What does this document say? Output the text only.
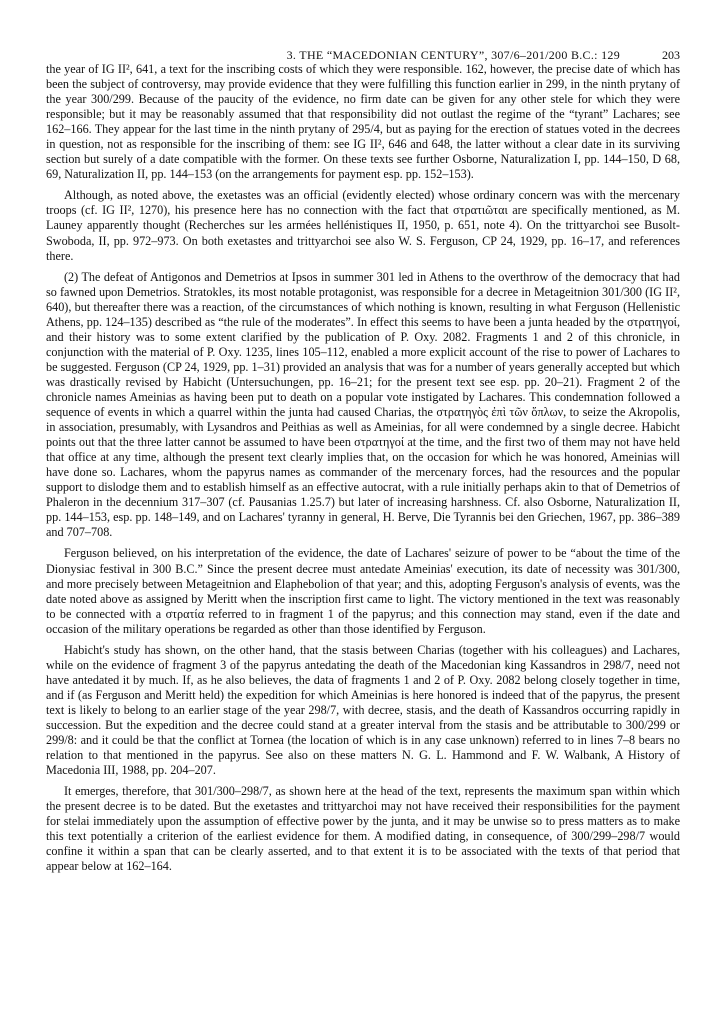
3. THE “MACEDONIAN CENTURY”, 307/6–201/200 B.C.: 129	203

the year of IG II², 641, a text for the inscribing costs of which they were responsible. 162, however, the precise date of which has been the subject of controversy, may provide evidence that they were fulfilling this function earlier in 299, in the ninth prytany of the year 300/299. Because of the paucity of the evidence, no firm date can be given for any other stele for which they were responsible; but it may be reasonably assumed that that responsibility did not outlast the regime of the “tyrant” Lachares; see 162–166. They appear for the last time in the ninth prytany of 295/4, but as paying for the erection of statues voted in the decrees in question, not as responsible for the inscribing of them: see IG II², 646 and 648, the latter without a clear date in its surviving section but surely of a date compatible with the former. On these texts see further Osborne, Naturalization I, pp. 144–150, D 68, 69, Naturalization II, pp. 144–153 (on the arrangements for payment esp. pp. 152–153).

Although, as noted above, the exetastes was an official (evidently elected) whose ordinary concern was with the mercenary troops (cf. IG II², 1270), his presence here has no connection with the fact that στρατιῶται are specifically mentioned, as M. Launey apparently thought (Recherches sur les armées hellénistiques II, 1950, p. 651, note 4). On the trittyarchoi see Busolt-Swoboda, II, pp. 972–973. On both exetastes and trittyarchoi see also W. S. Ferguson, CP 24, 1929, pp. 16–17, and references there.

(2) The defeat of Antigonos and Demetrios at Ipsos in summer 301 led in Athens to the overthrow of the democracy that had so fawned upon Demetrios. Stratokles, its most notable protagonist, was responsible for a decree in Metageitnion 301/300 (IG II², 640), but thereafter there was a reaction, of the circumstances of which nothing is known, resulting in what Ferguson (Hellenistic Athens, pp. 124–135) described as “the rule of the moderates”. In effect this seems to have been a junta headed by the στρατηγοί, and their history was to some extent clarified by the publication of P. Oxy. 2082. Fragments 1 and 2 of this chronicle, in conjunction with the material of P. Oxy. 1235, lines 105–112, enabled a more explicit account of the rise to power of Lachares to be suggested. Ferguson (CP 24, 1929, pp. 1–31) provided an analysis that was for a number of years generally accepted but which was drastically revised by Habicht (Untersuchungen, pp. 16–21; for the present text see esp. pp. 20–21). Fragment 2 of the chronicle names Ameinias as having been put to death on a popular vote instigated by Lachares. This condemnation followed a sequence of events in which a quarrel within the junta had caused Charias, the στρατηγὸς ἐπὶ τῶν ὅπλων, to seize the Akropolis, in association, presumably, with Lysandros and Peithias as well as Ameinias, for all were condemned by a single decree. Habicht points out that the three latter cannot be assumed to have been στρατηγοί at the time, and the first two of them may not have held that office at any time, although the present text clearly implies that, on the occasion for which he was honored, Ameinias will have done so. Lachares, whom the papyrus names as commander of the mercenary forces, had the resources and the popular support to dislodge them and to establish himself as an effective autocrat, with a rule initially perhaps akin to that of Demetrios of Phaleron in the decennium 317–307 (cf. Pausanias 1.25.7) but later of increasing harshness. Cf. also Osborne, Naturalization II, pp. 144–153, esp. pp. 148–149, and on Lachares' tyranny in general, H. Berve, Die Tyrannis bei den Griechen, 1967, pp. 386–389 and 707–708.

Ferguson believed, on his interpretation of the evidence, the date of Lachares' seizure of power to be “about the time of the Dionysiac festival in 300 B.C.” Since the present decree must antedate Ameinias' execution, its date of necessity was 301/300, and more precisely between Metageitnion and Elaphebolion of that year; and this, adopting Ferguson's analysis of events, was the date noted above as assigned by Meritt when the inscription first came to light. The victory mentioned in the text was reasonably to be connected with a στρατία referred to in fragment 1 of the papyrus; and this connection may stand, even if the date and occasion of the military operations be regarded as other than those identified by Ferguson.

Habicht's study has shown, on the other hand, that the stasis between Charias (together with his colleagues) and Lachares, while on the evidence of fragment 3 of the papyrus antedating the death of the Macedonian king Kassandros in 298/7, need not have antedated it by much. If, as he also believes, the data of fragments 1 and 2 of P. Oxy. 2082 belong closely together in time, and if (as Ferguson and Meritt held) the expedition for which Ameinias is here honored is indeed that of the papyrus, the present text is likely to belong to an earlier stage of the year 298/7, with decree, stasis, and the death of Kassandros occurring rapidly in succession. But the expedition and the decree could stand at a greater interval from the stasis and be attributable to 300/299 or 299/8: and it could be that the conflict at Tornea (the location of which is in any case unknown) referred to in lines 7–8 bears no relation to that mentioned in the papyrus. See also on these matters N. G. L. Hammond and F. W. Walbank, A History of Macedonia III, 1988, pp. 204–207.

It emerges, therefore, that 301/300–298/7, as shown here at the head of the text, represents the maximum span within which the present decree is to be dated. But the exetastes and trittyarchoi may not have received their responsibilities for the payment for stelai immediately upon the assumption of effective power by the junta, and it may be unwise so to press matters as to make this text potentially a criterion of the earliest evidence for them. A modified dating, in consequence, of 300/299–298/7 would confine it within a span that can be clearly asserted, and to that extent it is to be associated with the texts of that period that appear below at 162–164.
